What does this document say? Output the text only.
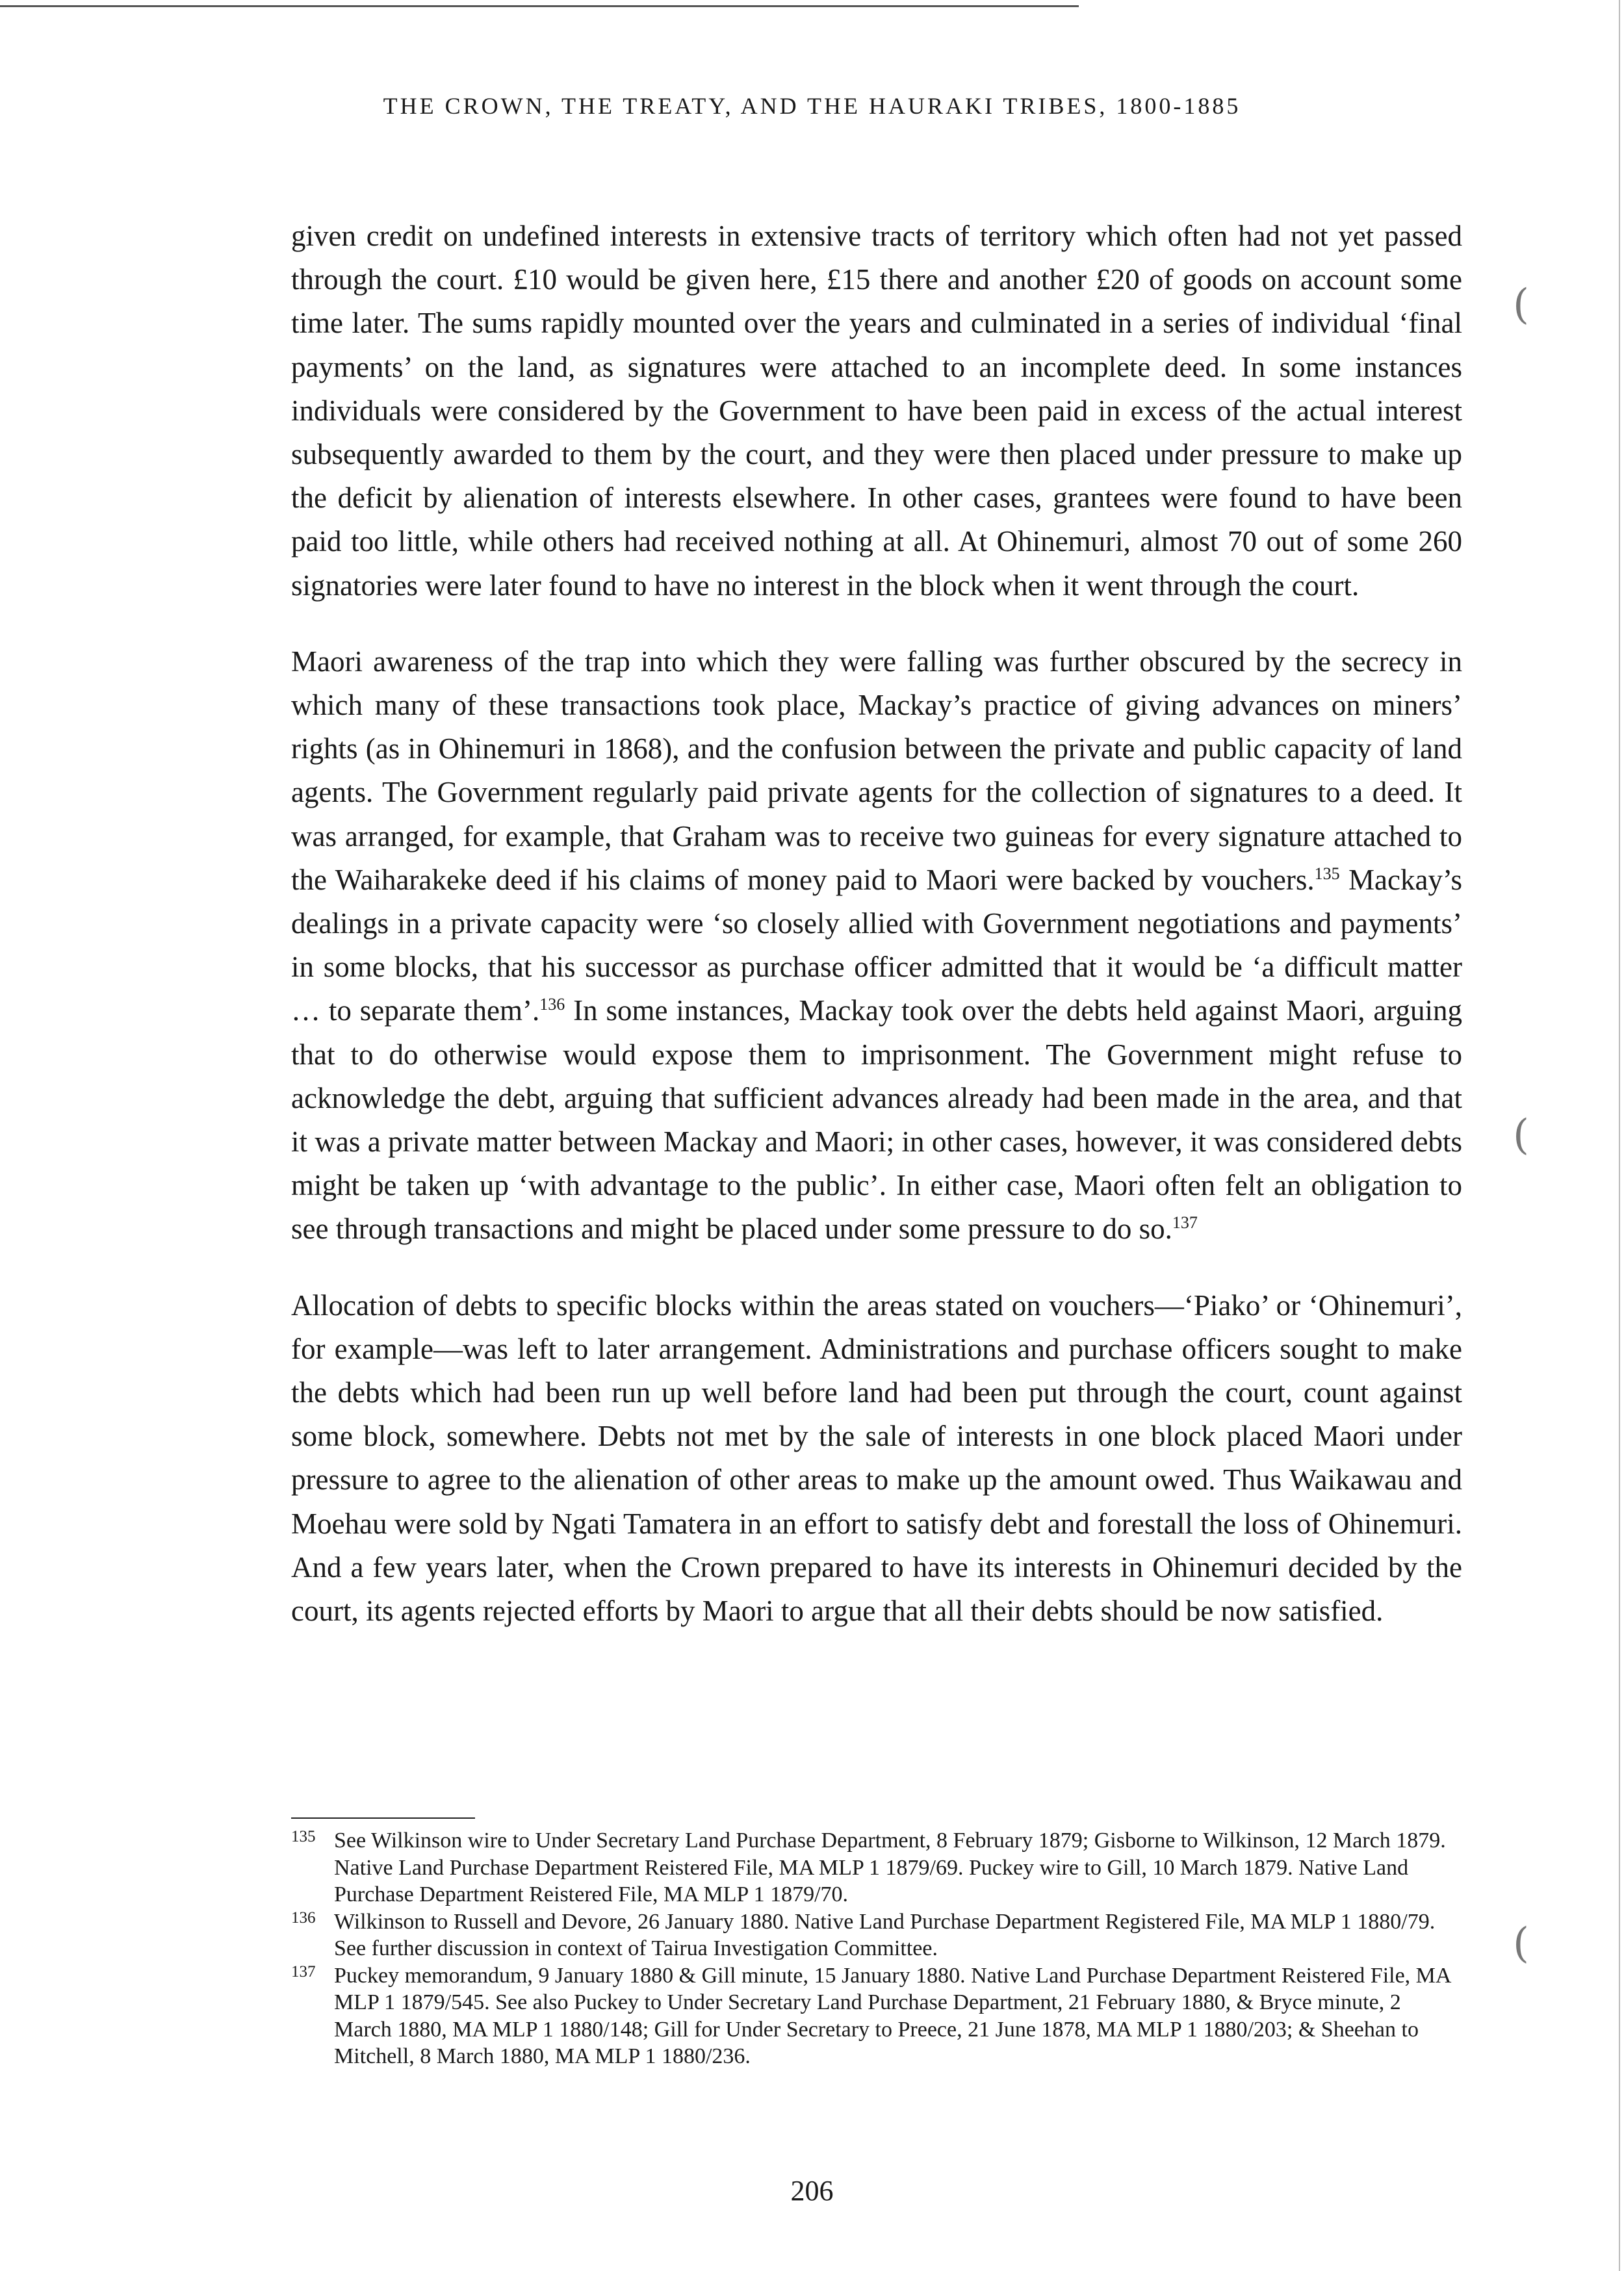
THE CROWN, THE TREATY, AND THE HAURAKI TRIBES, 1800-1885

given credit on undefined interests in extensive tracts of territory which often had not yet passed through the court. £10 would be given here, £15 there and another £20 of goods on account some time later. The sums rapidly mounted over the years and culminated in a series of individual ‘final payments’ on the land, as signatures were attached to an incomplete deed. In some instances individuals were considered by the Government to have been paid in excess of the actual interest subsequently awarded to them by the court, and they were then placed under pressure to make up the deficit by alienation of interests elsewhere. In other cases, grantees were found to have been paid too little, while others had received nothing at all. At Ohinemuri, almost 70 out of some 260 signatories were later found to have no interest in the block when it went through the court.

Maori awareness of the trap into which they were falling was further obscured by the secrecy in which many of these transactions took place, Mackay’s practice of giving advances on miners’ rights (as in Ohinemuri in 1868), and the confusion between the private and public capacity of land agents. The Government regularly paid private agents for the collection of signatures to a deed. It was arranged, for example, that Graham was to receive two guineas for every signature attached to the Waiharakeke deed if his claims of money paid to Maori were backed by vouchers.$^{135}$ Mackay’s dealings in a private capacity were ‘so closely allied with Government negotiations and payments’ in some blocks, that his successor as purchase officer admitted that it would be ‘a difficult matter … to separate them’.$^{136}$ In some instances, Mackay took over the debts held against Maori, arguing that to do otherwise would expose them to imprisonment. The Government might refuse to acknowledge the debt, arguing that sufficient advances already had been made in the area, and that it was a private matter between Mackay and Maori; in other cases, however, it was considered debts might be taken up ‘with advantage to the public’. In either case, Maori often felt an obligation to see through transactions and might be placed under some pressure to do so.$^{137}$

Allocation of debts to specific blocks within the areas stated on vouchers—‘Piako’ or ‘Ohinemuri’, for example—was left to later arrangement. Administrations and purchase officers sought to make the debts which had been run up well before land had been put through the court, count against some block, somewhere. Debts not met by the sale of interests in one block placed Maori under pressure to agree to the alienation of other areas to make up the amount owed. Thus Waikawau and Moehau were sold by Ngati Tamatera in an effort to satisfy debt and forestall the loss of Ohinemuri. And a few years later, when the Crown prepared to have its interests in Ohinemuri decided by the court, its agents rejected efforts by Maori to argue that all their debts should be now satisfied.

135 See Wilkinson wire to Under Secretary Land Purchase Department, 8 February 1879; Gisborne to Wilkinson, 12 March 1879. Native Land Purchase Department Reistered File, MA MLP 1 1879/69. Puckey wire to Gill, 10 March 1879. Native Land Purchase Department Reistered File, MA MLP 1 1879/70.

136 Wilkinson to Russell and Devore, 26 January 1880. Native Land Purchase Department Registered File, MA MLP 1 1880/79. See further discussion in context of Tairua Investigation Committee.

137 Puckey memorandum, 9 January 1880 & Gill minute, 15 January 1880. Native Land Purchase Department Reistered File, MA MLP 1 1879/545. See also Puckey to Under Secretary Land Purchase Department, 21 February 1880, & Bryce minute, 2 March 1880, MA MLP 1 1880/148; Gill for Under Secretary to Preece, 21 June 1878, MA MLP 1 1880/203; & Sheehan to Mitchell, 8 March 1880, MA MLP 1 1880/236.

206
(
(
(
